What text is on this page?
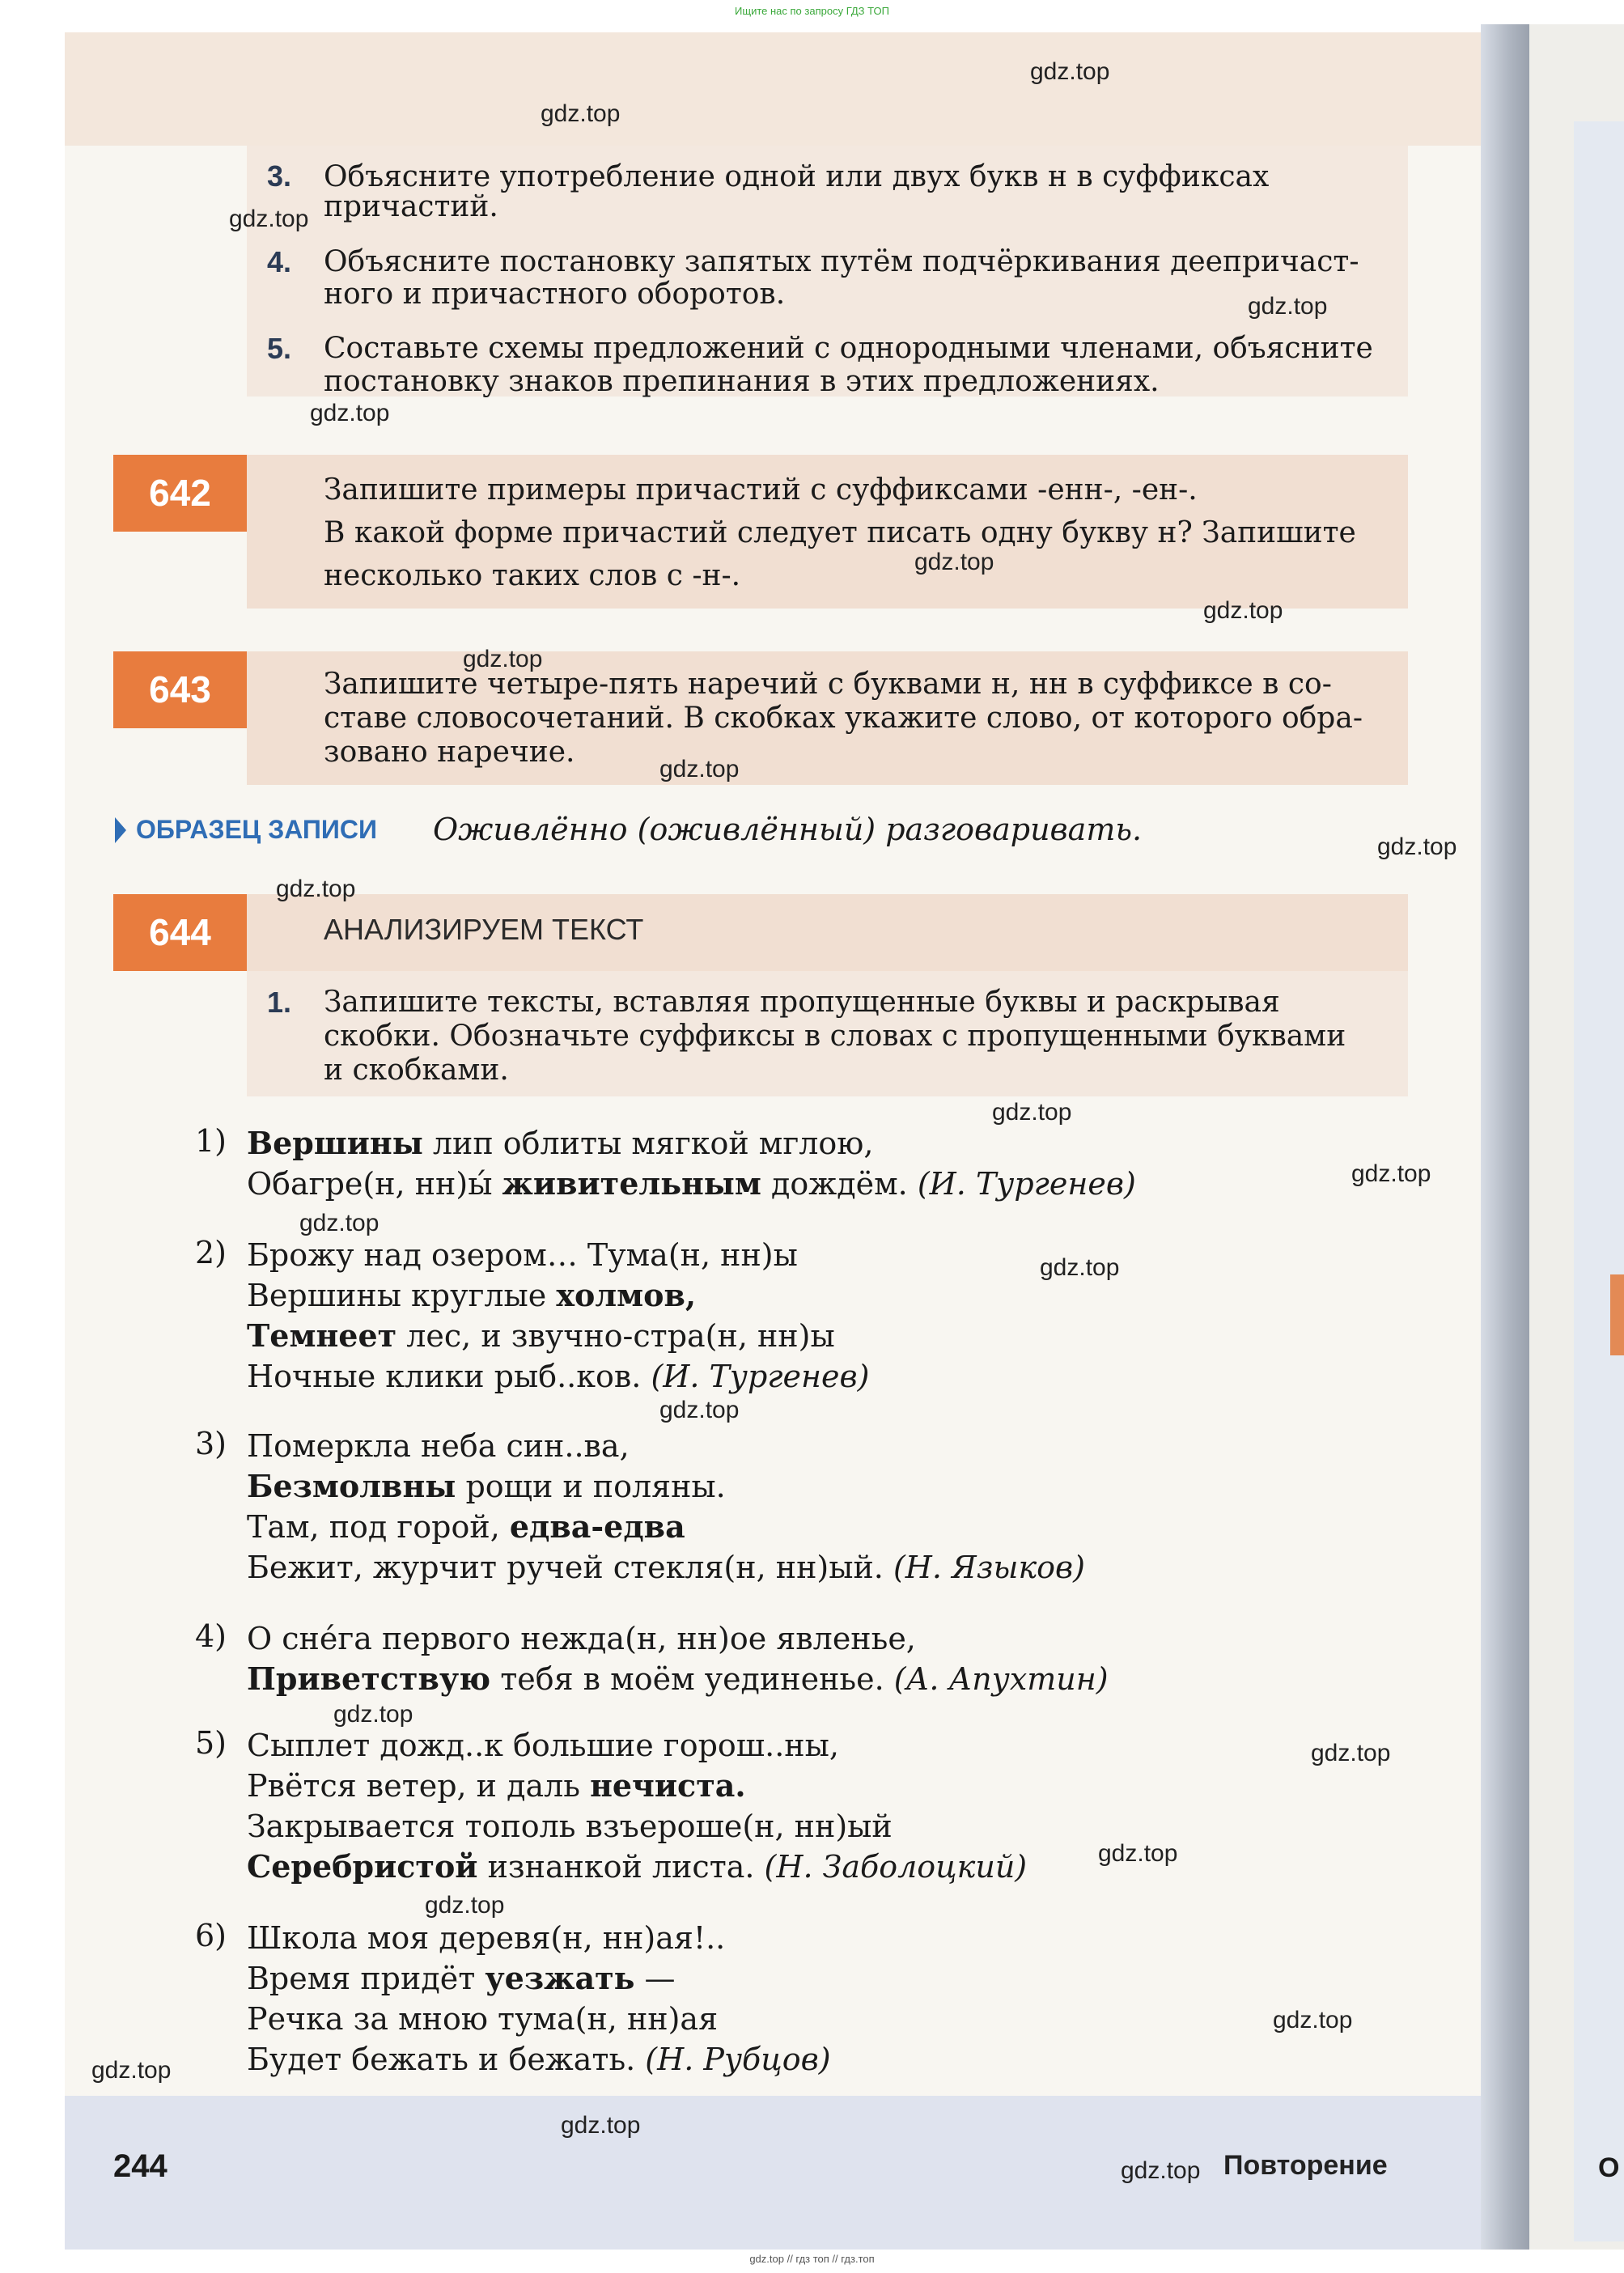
Ищите нас по запросу ГДЗ ТОП
3. Объясните употребление одной или двух букв н в суффиксах
причастий.
4. Объясните постановку запятых путём подчёркивания деепричаст-
ного и причастного оборотов.
5. Составьте схемы предложений с однородными членами, объясните
постановку знаков препинания в этих предложениях.
642	Запишите примеры причастий с суффиксами -енн-, -ен-.
В какой форме причастий следует писать одну букву н? Запишите
несколько таких слов с -н-.
643	Запишите четыре-пять наречий с буквами н, нн в суффиксе в со-
ставе словосочетаний. В скобках укажите слово, от которого обра-
зовано наречие.
ОБРАЗЕЦ ЗАПИСИ Оживлённо (оживлённый) разговаривать.
644	АНАЛИЗИРУЕМ ТЕКСТ
1. Запишите тексты, вставляя пропущенные буквы и раскрывая
скобки. Обозначьте суффиксы в словах с пропущенными буквами
и скобками.
1) Вершины лип облиты мягкой мглою,
Обагре(н, нн)ы́ живительным дождём. (И. Тургенев)
2) Брожу над озером… Тума(н, нн)ы
Вершины круглые холмов,
Темнеет лес, и звучно-стра(н, нн)ы
Ночные клики рыб..ков. (И. Тургенев)
3) Померкла неба син..ва,
Безмолвны рощи и поляны.
Там, под горой, едва-едва
Бежит, журчит ручей стекля(н, нн)ый. (Н. Языков)
4) О снéга первого нежда(н, нн)ое явленье,
Приветствую тебя в моём уединенье. (А. Апухтин)
5) Сыплет дожд..к большие горош..ны,
Рвётся ветер, и даль нечиста.
Закрывается тополь взъероше(н, нн)ый
Серебристой изнанкой листа. (Н. Заболоцкий)
6) Школа моя деревя(н, нн)ая!..
Время придёт уезжать —
Речка за мною тума(н, нн)ая
Будет бежать и бежать. (Н. Рубцов)
gdz.top
gdz.top
gdz.top
gdz.top
gdz.top
gdz.top
gdz.top
gdz.top
gdz.top
gdz.top
gdz.top
gdz.top
gdz.top
gdz.top
gdz.top
gdz.top
gdz.top
gdz.top
gdz.top
gdz.top
gdz.top
gdz.top
gdz.top
gdz.top
244	Повторение	О
gdz.top // гдз топ // гдз.топ
